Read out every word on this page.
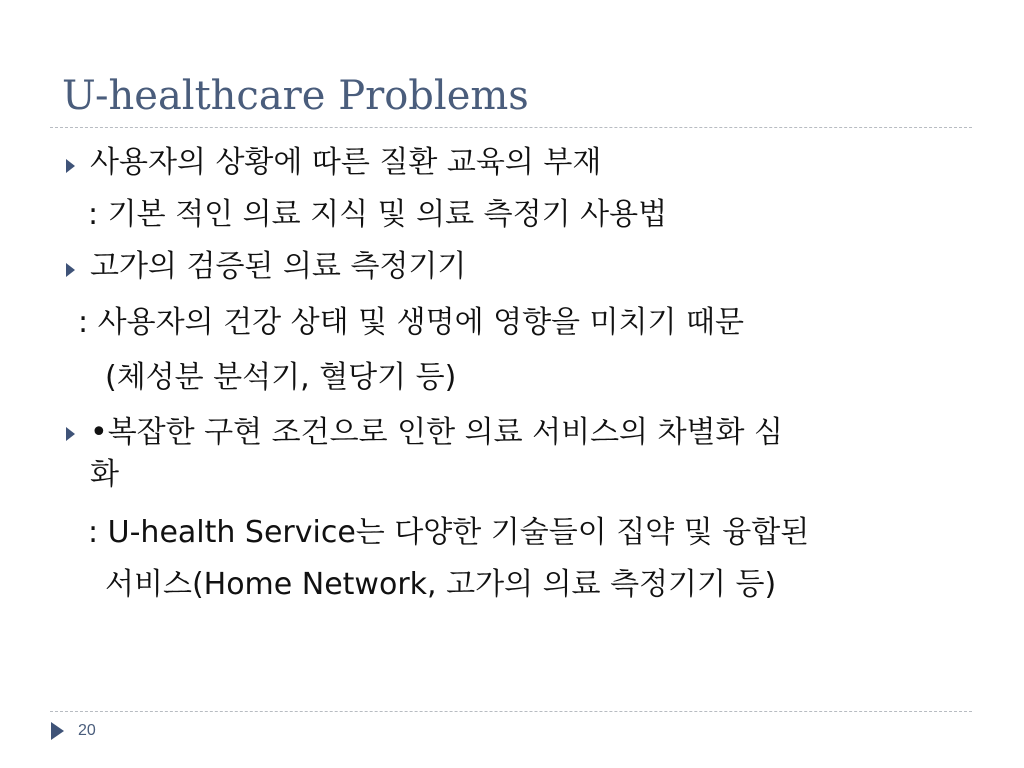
U-healthcare Problems
사용자의 상황에 따른 질환 교육의 부재
: 기본 적인 의료 지식 및 의료 측정기 사용법
고가의 검증된 의료 측정기기
: 사용자의 건강 상태 및 생명에 영향을 미치기 때문
(체성분 분석기, 혈당기 등)
•복잡한 구현 조건으로 인한 의료 서비스의 차별화 심
화
: U-health Service는 다양한 기술들이 집약 및 융합된
서비스(Home Network, 고가의 의료 측정기기 등)
20
